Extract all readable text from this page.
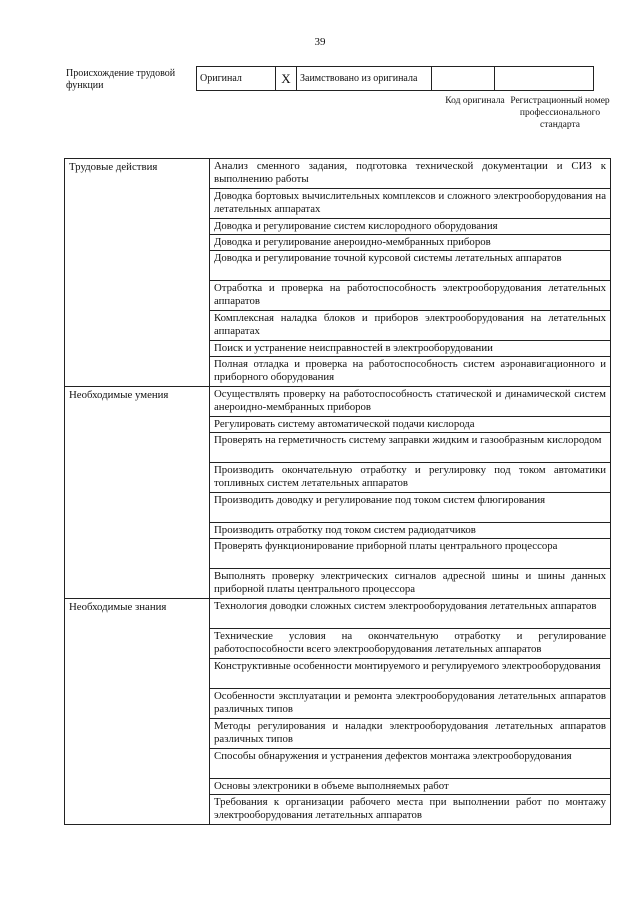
39
Происхождение трудовой функции
Оригинал	X	Заимствовано из оригинала		
Код оригинала Регистрационный номер профессионального стандарта
Трудовые действия	Анализ сменного задания, подготовка технической документации и СИЗ к выполнению работы
	Доводка бортовых вычислительных комплексов и сложного электрооборудования на летательных аппаратах
	Доводка и регулирование систем кислородного оборудования
	Доводка и регулирование анероидно-мембранных приборов
	Доводка и регулирование точной курсовой системы летательных аппаратов
	Отработка и проверка на работоспособность электрооборудования летательных аппаратов
	Комплексная наладка блоков и приборов электрооборудования на летательных аппаратах
	Поиск и устранение неисправностей в электрооборудовании
	Полная отладка и проверка на работоспособность систем аэронавигационного и приборного оборудования
Необходимые умения	Осуществлять проверку на работоспособность статической и динамической систем анероидно-мембранных приборов
	Регулировать систему автоматической подачи кислорода
	Проверять на герметичность систему заправки жидким и газообразным кислородом
	Производить окончательную отработку и регулировку под током автоматики топливных систем летательных аппаратов
	Производить доводку и регулирование под током систем флюгирования
	Производить отработку под током систем радиодатчиков
	Проверять функционирование приборной платы центрального процессора
	Выполнять проверку электрических сигналов адресной шины и шины данных приборной платы центрального процессора
Необходимые знания	Технология доводки сложных систем электрооборудования летательных аппаратов
	Технические условия на окончательную отработку и регулирование работоспособности всего электрооборудования летательных аппаратов
	Конструктивные особенности монтируемого и регулируемого электрооборудования
	Особенности эксплуатации и ремонта электрооборудования летательных аппаратов различных типов
	Методы регулирования и наладки электрооборудования летательных аппаратов различных типов
	Способы обнаружения и устранения дефектов монтажа электрооборудования
	Основы электроники в объеме выполняемых работ
	Требования к организации рабочего места при выполнении работ по монтажу электрооборудования летательных аппаратов
